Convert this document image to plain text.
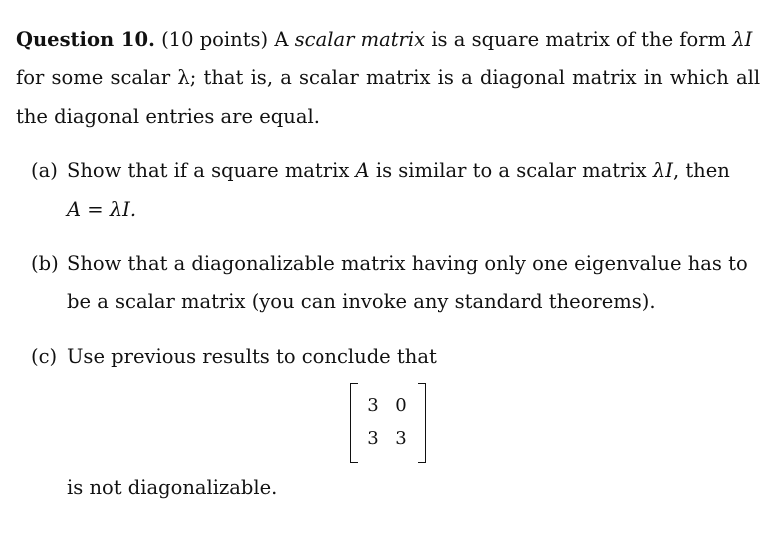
Question 10. (10 points) A scalar matrix is a square matrix of the form λI
for some scalar λ; that is, a scalar matrix is a diagonal matrix in which all
the diagonal entries are equal.
(a) Show that if a square matrix A is similar to a scalar matrix λI, then
A = λI.
(b) Show that a diagonalizable matrix having only one eigenvalue has to
be a scalar matrix (you can invoke any standard theorems).
(c) Use previous results to conclude that
3 0
3 3
is not diagonalizable.
